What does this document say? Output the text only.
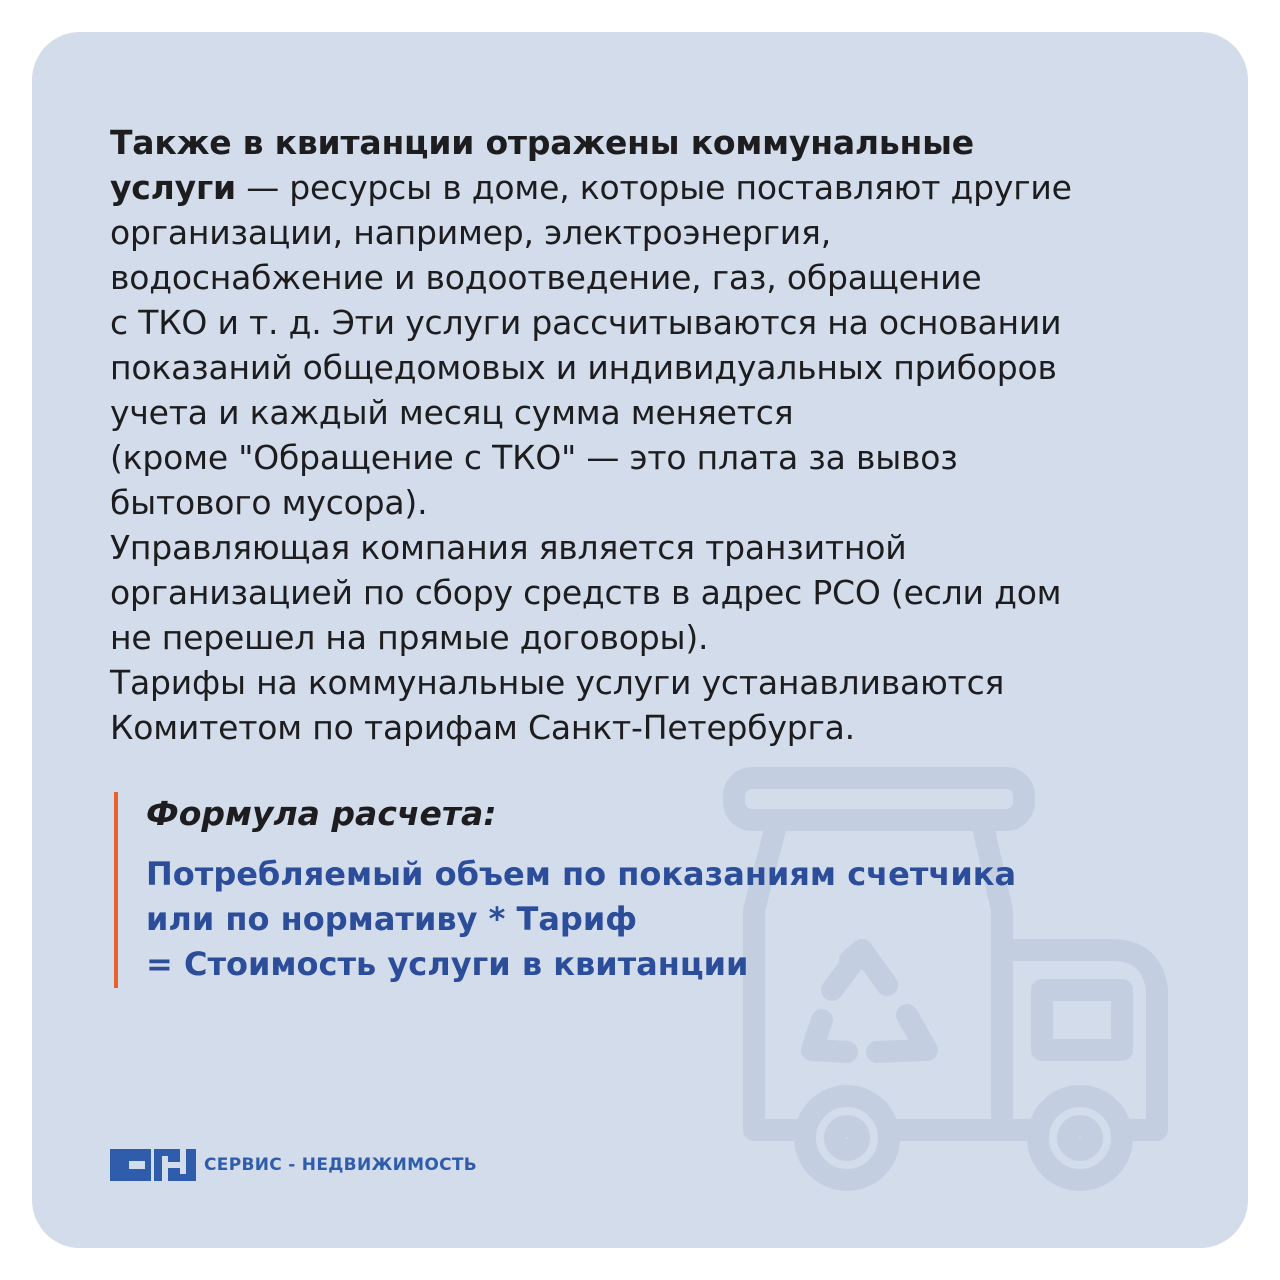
Также в квитанции отражены коммунальные
услуги — ресурсы в доме, которые поставляют другие
организации, например, электроэнергия,
водоснабжение и водоотведение, газ, обращение
с ТКО и т. д. Эти услуги рассчитываются на основании
показаний общедомовых и индивидуальных приборов
учета и каждый месяц сумма меняется
(кроме "Обращение с ТКО" — это плата за вывоз
бытового мусора).
Управляющая компания является транзитной
организацией по сбору средств в адрес РСО (если дом
не перешел на прямые договоры).
Тарифы на коммунальные услуги устанавливаются
Комитетом по тарифам Санкт-Петербурга.

Формула расчета:

Потребляемый объем по показаниям счетчика
или по нормативу * Тариф
= Стоимость услуги в квитанции

СЕРВИС - НЕДВИЖИМОСТЬ
